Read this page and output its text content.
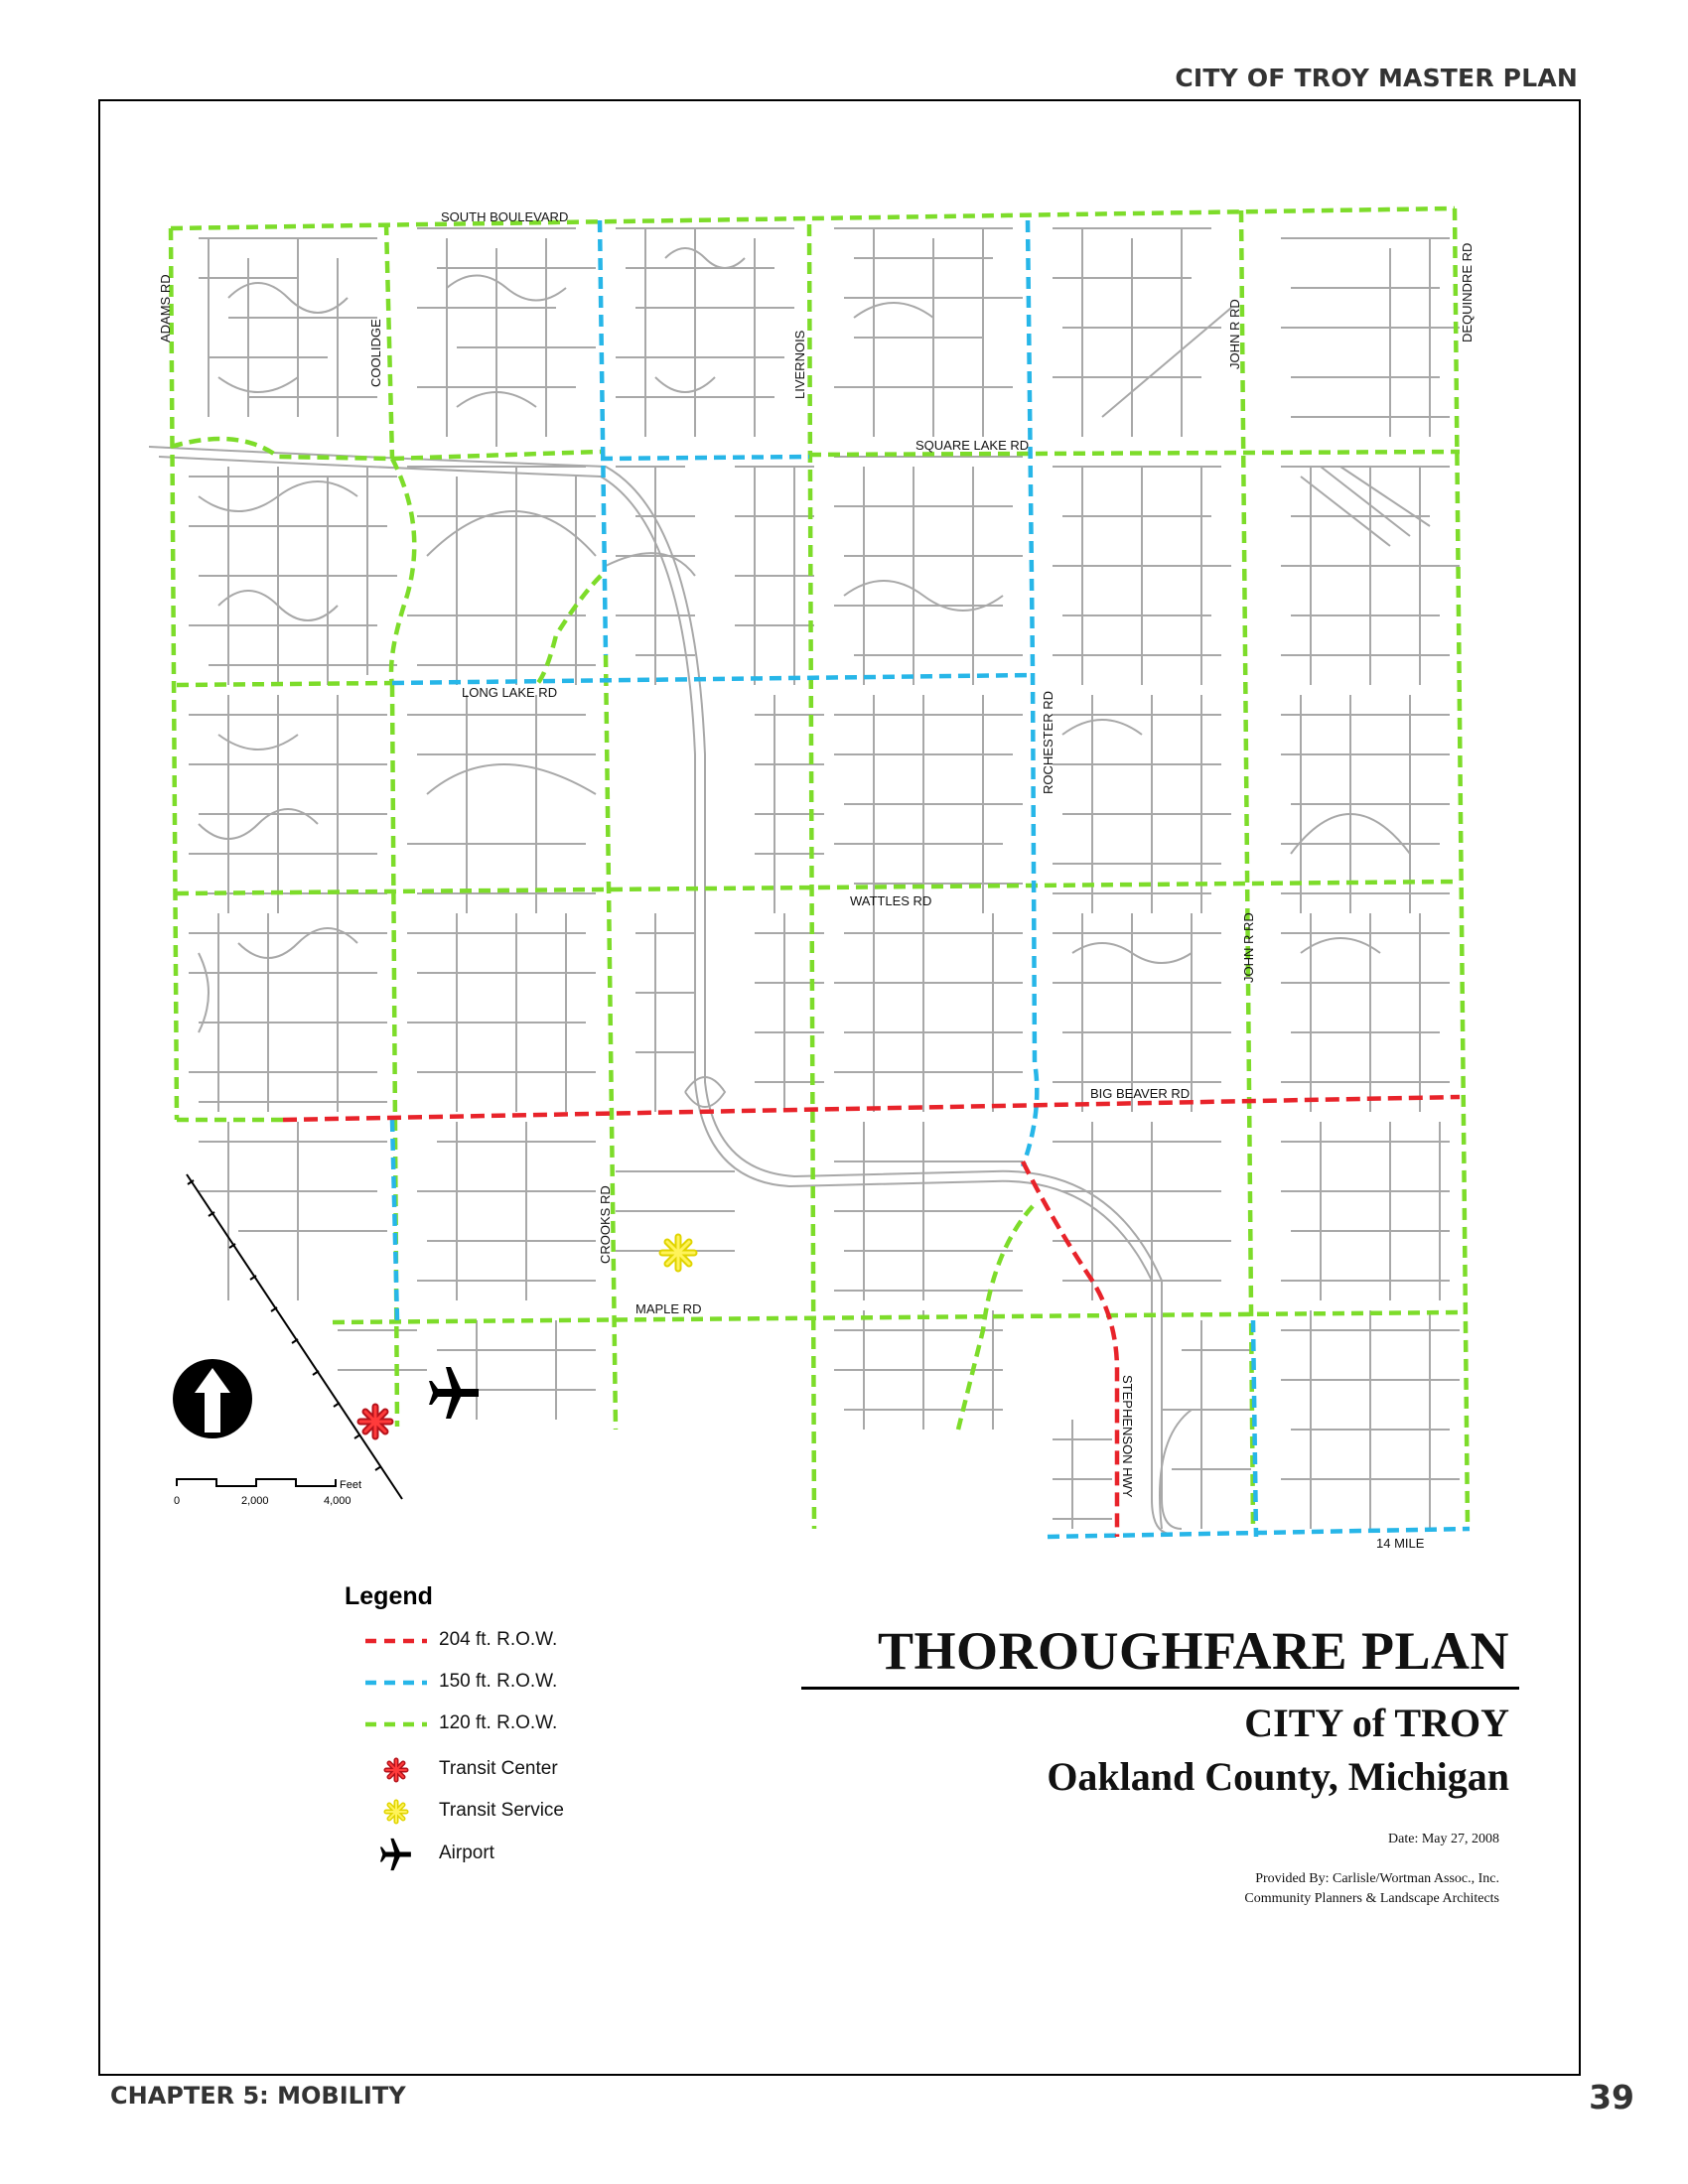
CITY OF TROY MASTER PLAN
SOUTH BOULEVARD
ADAMS RD
COOLIDGE	LIVERNOIS	JOHN R RD	DEQUINDRE RD
SQUARE LAKE RD
LONG LAKE RD	ROCHESTER RD
WATTLES RD
JOHN R RD
BIG BEAVER RD
CROOKS RD
MAPLE RD
STEPHENSON HWY
14 MILE
0	2,000	4,000
Feet
Legend
204 ft. R.O.W.
150 ft. R.O.W.
120 ft. R.O.W.
Transit Center
Transit Service
Airport
THOROUGHFARE PLAN
CITY of TROY
Oakland County, Michigan
Date: May 27, 2008
Provided By: Carlisle/Wortman Assoc., Inc.
Community Planners & Landscape Architects
CHAPTER 5: MOBILITY	39
